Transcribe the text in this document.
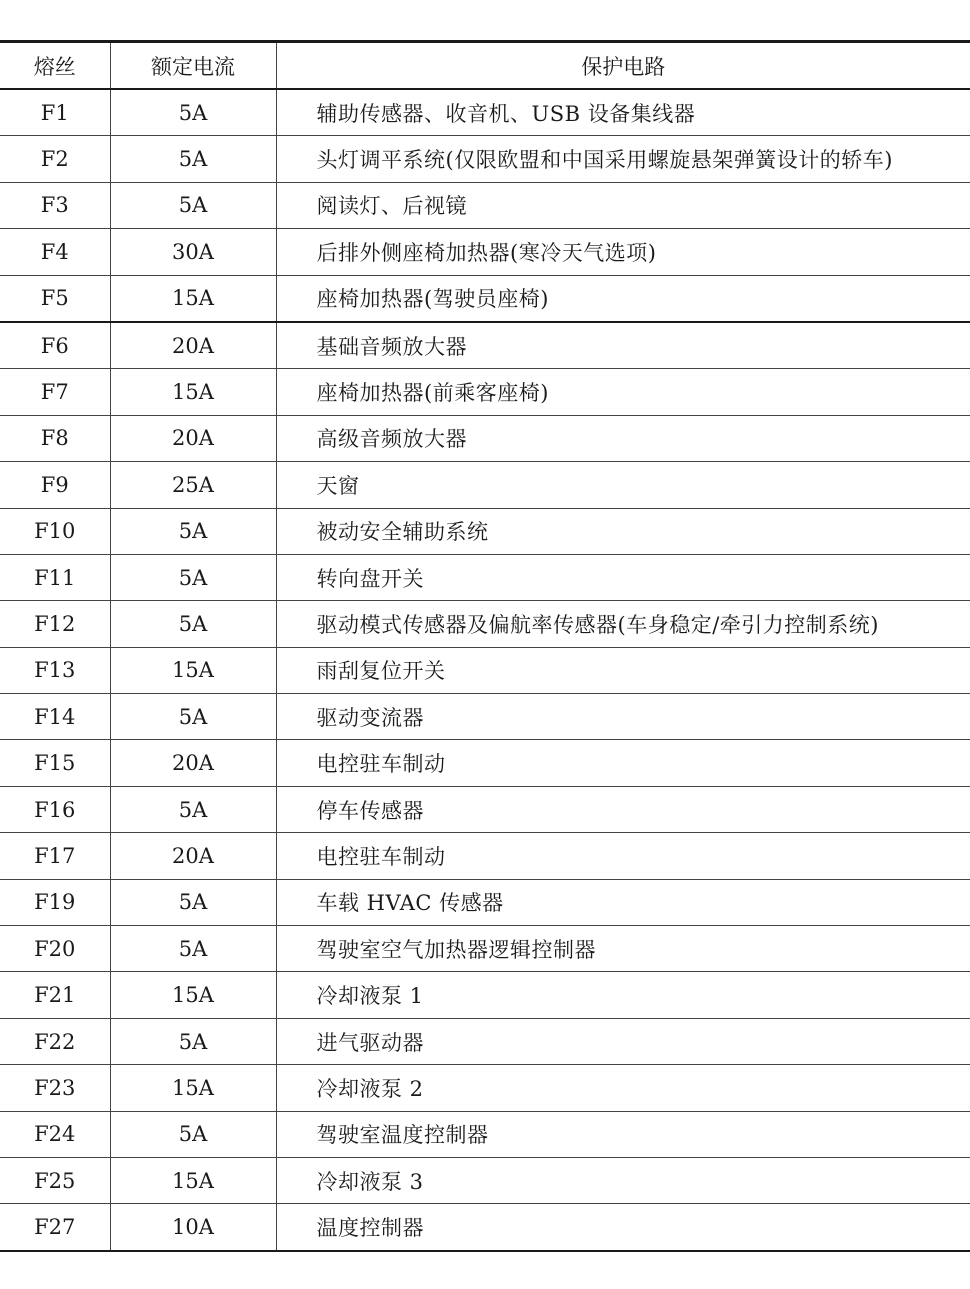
熔丝	额定电流	保护电路
F1	5A	辅助传感器、收音机、USB 设备集线器
F2	5A	头灯调平系统(仅限欧盟和中国采用螺旋悬架弹簧设计的轿车)
F3	5A	阅读灯、后视镜
F4	30A	后排外侧座椅加热器(寒冷天气选项)
F5	15A	座椅加热器(驾驶员座椅)
F6	20A	基础音频放大器
F7	15A	座椅加热器(前乘客座椅)
F8	20A	高级音频放大器
F9	25A	天窗
F10	5A	被动安全辅助系统
F11	5A	转向盘开关
F12	5A	驱动模式传感器及偏航率传感器(车身稳定/牵引力控制系统)
F13	15A	雨刮复位开关
F14	5A	驱动变流器
F15	20A	电控驻车制动
F16	5A	停车传感器
F17	20A	电控驻车制动
F19	5A	车载 HVAC 传感器
F20	5A	驾驶室空气加热器逻辑控制器
F21	15A	冷却液泵 1
F22	5A	进气驱动器
F23	15A	冷却液泵 2
F24	5A	驾驶室温度控制器
F25	15A	冷却液泵 3
F27	10A	温度控制器
